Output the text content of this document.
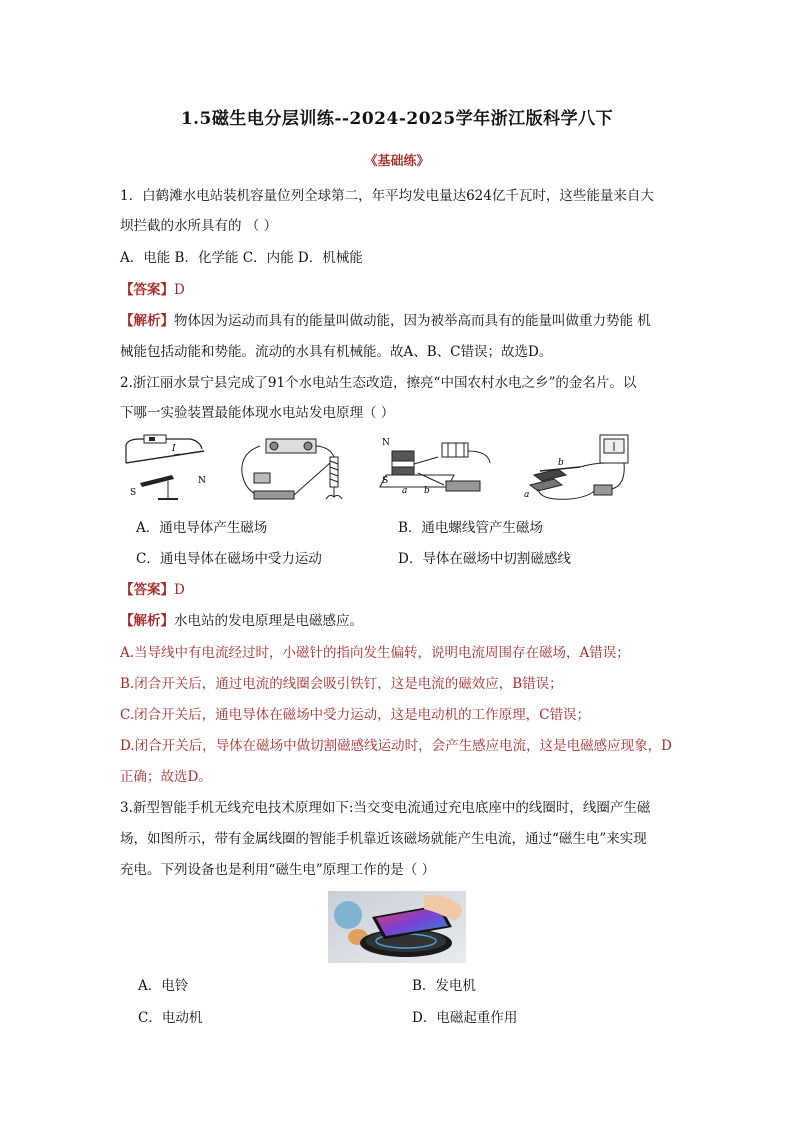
1.5磁生电分层训练--2024-2025学年浙江版科学八下
《基础练》
1．白鹤滩水电站装机容量位列全球第二，年平均发电量达624亿千瓦时，这些能量来自大
坝拦截的水所具有的 （ ）
A．电能 B．化学能 C．内能 D．机械能
【答案】D
【解析】物体因为运动而具有的能量叫做动能，因为被举高而具有的能量叫做重力势能 机
械能包括动能和势能。流动的水具有机械能。故A、B、C错误；故选D。
2.浙江丽水景宁县完成了91个水电站生态改造，擦亮“中国农村水电之乡”的金名片。以
下哪一实验装置最能体现水电站发电原理（ ）
I
S
N
N
S
a b
b
a
A．通电导体产生磁场	B．通电螺线管产生磁场
C．通电导体在磁场中受力运动	D．导体在磁场中切割磁感线
【答案】D
【解析】水电站的发电原理是电磁感应。
A.当导线中有电流经过时，小磁针的指向发生偏转，说明电流周围存在磁场，A错误；
B.闭合开关后，通过电流的线圈会吸引铁钉，这是电流的磁效应，B错误；
C.闭合开关后，通电导体在磁场中受力运动，这是电动机的工作原理，C错误；
D.闭合开关后，导体在磁场中做切割磁感线运动时，会产生感应电流，这是电磁感应现象，D
正确；故选D。
3.新型智能手机无线充电技术原理如下:当交变电流通过充电底座中的线圈时，线圈产生磁
场，如图所示，带有金属线圈的智能手机靠近该磁场就能产生电流，通过“磁生电”来实现
充电。下列设备也是利用“磁生电”原理工作的是（ ）
A．电铃	B．发电机
C．电动机	D．电磁起重作用
